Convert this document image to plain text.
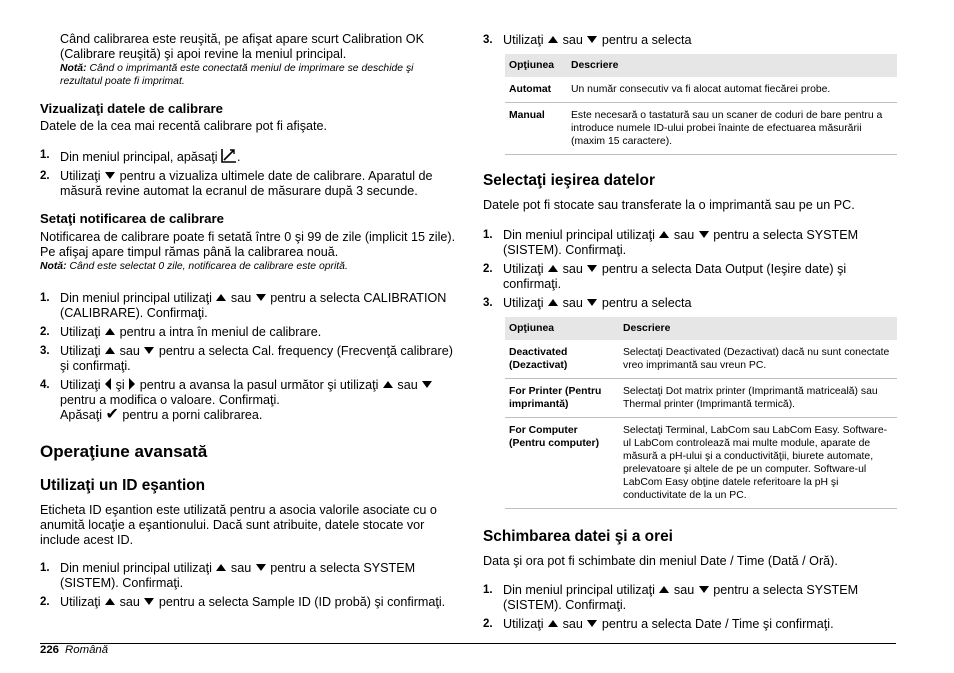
Când calibrarea este reuşită, pe afişat apare scurt Calibration OK (Calibrare reuşită) şi apoi revine la meniul principal.

Notă: Când o imprimantă este conectată meniul de imprimare se deschide şi rezultatul poate fi imprimat.

Vizualizaţi datele de calibrare

Datele de la cea mai recentă calibrare pot fi afişate.

1. Din meniul principal, apăsaţi .
2. Utilizaţi pentru a vizualiza ultimele date de calibrare. Aparatul de măsură revine automat la ecranul de măsurare după 3 secunde.
Setaţi notificarea de calibrare

Notificarea de calibrare poate fi setată între 0 şi 99 de zile (implicit 15 zile). Pe afişaj apare timpul rămas până la calibrarea nouă.

Notă: Când este selectat 0 zile, notificarea de calibrare este oprită.

1. Din meniul principal utilizaţi sau pentru a selecta CALIBRATION (CALIBRARE). Confirmaţi.
2. Utilizaţi pentru a intra în meniul de calibrare.
3. Utilizaţi sau pentru a selecta Cal. frequency (Frecvenţă calibrare) şi confirmaţi.
4. Utilizaţi şi pentru a avansa la pasul următor şi utilizaţi sau  pentru a modifica o valoare. Confirmaţi.
Apăsaţi ✔ pentru a porni calibrarea.
Operaţiune avansată
Utilizaţi un ID eşantion

Eticheta ID eşantion este utilizată pentru a asocia valorile asociate cu o anumită locaţie a eşantionului. Dacă sunt atribuite, datele stocate vor include acest ID.

1. Din meniul principal utilizaţi sau pentru a selecta SYSTEM (SISTEM). Confirmaţi.
2. Utilizaţi sau pentru a selecta Sample ID (ID probă) şi confirmaţi.
3. Utilizaţi sau pentru a selecta
Opţiunea	Descriere
Automat	Un număr consecutiv va fi alocat automat fiecărei probe.
Manual	Este necesară o tastatură sau un scaner de coduri de bare pentru a introduce numele ID-ului probei înainte de efectuarea măsurării (maxim 15 caractere).
Selectaţi ieşirea datelor

Datele pot fi stocate sau transferate la o imprimantă sau pe un PC.

1. Din meniul principal utilizaţi sau pentru a selecta SYSTEM (SISTEM). Confirmaţi.
2. Utilizaţi sau pentru a selecta Data Output (Ieşire date) şi confirmaţi.
3. Utilizaţi sau pentru a selecta
Opţiunea	Descriere
Deactivated (Dezactivat)	Selectaţi Deactivated (Dezactivat) dacă nu sunt conectate vreo imprimantă sau vreun PC.
For Printer (Pentru imprimantă)	Selectaţi Dot matrix printer (Imprimantă matriceală) sau Thermal printer (Imprimantă termică).
For Computer (Pentru computer)	Selectaţi Terminal, LabCom sau LabCom Easy. Software-ul LabCom controlează mai multe module, aparate de măsură a pH-ului şi a conductivităţii, biurete automate, prelevatoare şi altele de pe un computer. Software-ul LabCom Easy obţine datele referitoare la pH şi conductivitate de la un PC.
Schimbarea datei şi a orei

Data şi ora pot fi schimbate din meniul Date / Time (Dată / Oră).

1. Din meniul principal utilizaţi sau pentru a selecta SYSTEM (SISTEM). Confirmaţi.
2. Utilizaţi sau pentru a selecta Date / Time şi confirmaţi.
226 Română
